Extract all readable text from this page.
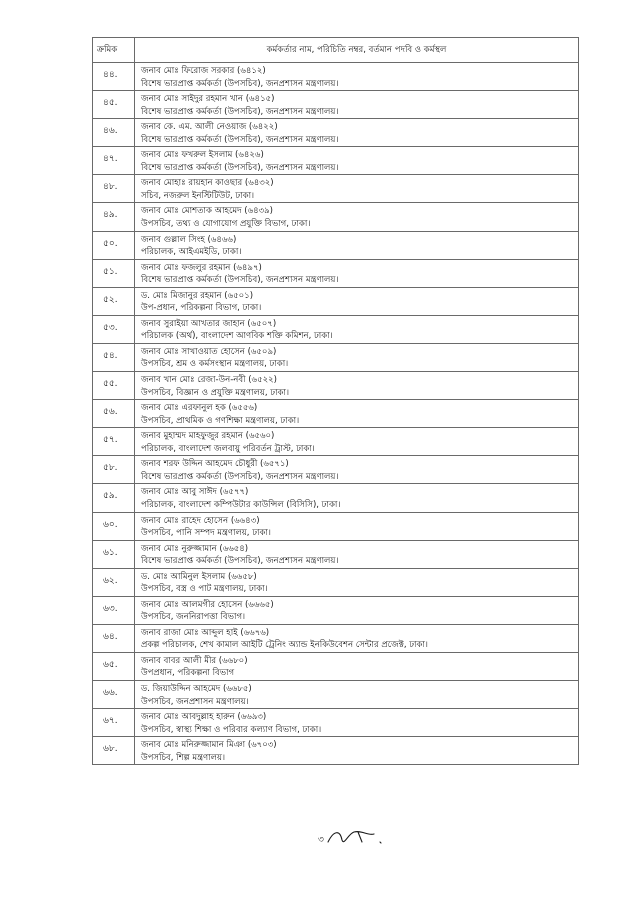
ক্রমিক	কর্মকর্তার নাম, পরিচিতি নম্বর, বর্তমান পদবি ও কর্মস্থল
৪৪.	জনাব মোঃ ফিরোজ সরকার (৬৪১২)
বিশেষ ভারপ্রাপ্ত কর্মকর্তা (উপসচিব), জনপ্রশাসন মন্ত্রণালয়।

৪৫.	জনাব মোঃ সাইদুর রহমান খান (৬৪১৫)
বিশেষ ভারপ্রাপ্ত কর্মকর্তা (উপসচিব), জনপ্রশাসন মন্ত্রণালয়।

৪৬.	জনাব কে. এম. আলী নেওয়াজ (৬৪২২)
বিশেষ ভারপ্রাপ্ত কর্মকর্তা (উপসচিব), জনপ্রশাসন মন্ত্রণালয়।

৪৭.	জনাব মোঃ ফখরুল ইসলাম (৬৪২৬)
বিশেষ ভারপ্রাপ্ত কর্মকর্তা (উপসচিব), জনপ্রশাসন মন্ত্রণালয়।

৪৮.	জনাব মোহাঃ রায়হান কাওছার (৬৪৩২)
সচিব, নজরুল ইনস্টিটিউট, ঢাকা।

৪৯.	জনাব মোঃ মোশতাক আহমেদ (৬৪৩৯)
উপসচিব, তথ্য ও যোগাযোগ প্রযুক্তি বিভাগ, ঢাকা।

৫০.	জনাব গুল্লাল সিংহ (৬৪৬৬)
পরিচালক, আইএমইডি, ঢাকা।

৫১.	জনাব মোঃ ফজলুর রহমান (৬৪৯৭)
বিশেষ ভারপ্রাপ্ত কর্মকর্তা (উপসচিব), জনপ্রশাসন মন্ত্রণালয়।

৫২.	ড. মোঃ মিজানুর রহমান (৬৫০১)
উপ-প্রধান, পরিকল্পনা বিভাগ, ঢাকা।

৫৩.	জনাব সুরাইয়া আখতার জাহান (৬৫০৭)
পরিচালক (অর্থ), বাংলাদেশ আণবিক শক্তি কমিশন, ঢাকা।

৫৪.	জনাব মোঃ সাখাওয়াত হোসেন (৬৫০৯)
উপসচিব, শ্রম ও কর্মসংস্থান মন্ত্রণালয়, ঢাকা।

৫৫.	জনাব খান মোঃ রেজা-উন-নবী (৬৫২২)
উপসচিব, বিজ্ঞান ও প্রযুক্তি মন্ত্রণালয়, ঢাকা।

৫৬.	জনাব মোঃ এরফানুল হক (৬৫৫৬)
উপসচিব, প্রাথমিক ও গণশিক্ষা মন্ত্রণালয়, ঢাকা।

৫৭.	জনাব মুহাম্মদ মাহফুজুর রহমান (৬৫৬০)
পরিচালক, বাংলাদেশ জলবায়ু পরিবর্তন ট্রাস্ট, ঢাকা।

৫৮.	জনাব শরফ উদ্দিন আহমেদ চৌধুরী (৬৫৭১)
বিশেষ ভারপ্রাপ্ত কর্মকর্তা (উপসচিব), জনপ্রশাসন মন্ত্রণালয়।

৫৯.	জনাব মোঃ আবু সাঈদ (৬৫৭৭)
পরিচালক, বাংলাদেশ কম্পিউটার কাউন্সিল (বিসিসি), ঢাকা।

৬০.	জনাব মোঃ রাহেদ হোসেন (৬৬৪৩)
উপসচিব, পানি সম্পদ মন্ত্রণালয়, ঢাকা।

৬১.	জনাব মোঃ নুরুজ্জামান (৬৬৫৪)
বিশেষ ভারপ্রাপ্ত কর্মকর্তা (উপসচিব), জনপ্রশাসন মন্ত্রণালয়।

৬২.	ড. মোঃ আমিনুল ইসলাম (৬৬৫৮)
উপসচিব, বস্ত্র ও পাট মন্ত্রণালয়, ঢাকা।

৬৩.	জনাব মোঃ আলমগীর হোসেন (৬৬৬৫)
উপসচিব, জননিরাপত্তা বিভাগ।

৬৪.	জনাব রাজা মোঃ আব্দুল হাই (৬৬৭৬)
প্রকল্প পরিচালক, শেখ কামাল আইটি ট্রেনিং অ্যান্ড ইনকিউবেশন সেন্টার প্রজেক্ট, ঢাকা।

৬৫.	জনাব বাবর আলী মীর (৬৬৮০)
উপপ্রধান, পরিকল্পনা বিভাগ

৬৬.	ড. জিয়াউদ্দিন আহমেদ (৬৬৮৫)
উপসচিব, জনপ্রশাসন মন্ত্রণালয়।

৬৭.	জনাব মোঃ আবদুল্লাহ হারুন (৬৬৯৩)
উপসচিব, স্বাস্থ্য শিক্ষা ও পরিবার কল্যাণ বিভাগ, ঢাকা।

৬৮.	জনাব মোঃ মনিরুজ্জামান মিঞা (৬৭০৩)
উপসচিব, শিল্প মন্ত্রণালয়।
৩
